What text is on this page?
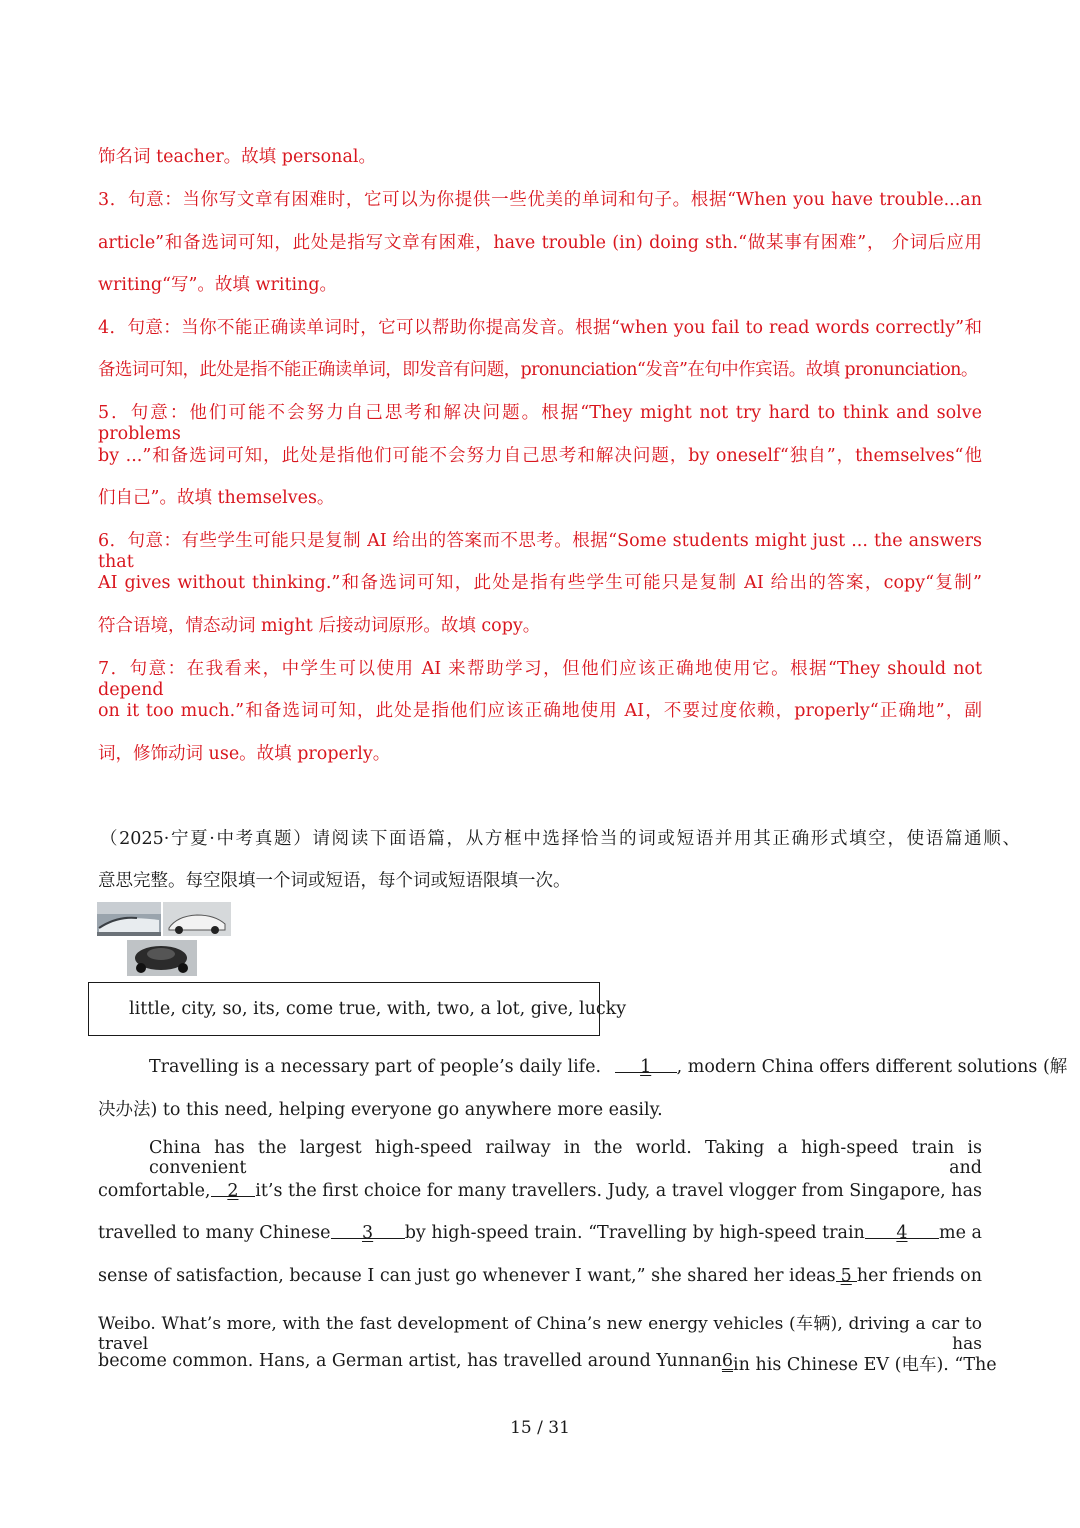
饰名词 teacher。故填 personal。
3．句意：当你写文章有困难时，它可以为你提供一些优美的单词和句子。根据“When you have trouble...an
article”和备选词可知，此处是指写文章有困难，have trouble (in) doing sth.“做某事有困难”， 介词后应用
writing“写”。故填 writing。
4．句意：当你不能正确读单词时，它可以帮助你提高发音。根据“when you fail to read words correctly”和
备选词可知，此处是指不能正确读单词，即发音有问题，pronunciation“发音”在句中作宾语。故填 pronunciation。
5．句意：他们可能不会努力自己思考和解决问题。根据“They might not try hard to think and solve problems
by ...”和备选词可知，此处是指他们可能不会努力自己思考和解决问题，by oneself“独自”，themselves“他
们自己”。故填 themselves。
6．句意：有些学生可能只是复制 AI 给出的答案而不思考。根据“Some students might just ... the answers that
AI gives without thinking.”和备选词可知，此处是指有些学生可能只是复制 AI 给出的答案，copy“复制”
符合语境，情态动词 might 后接动词原形。故填 copy。
7．句意：在我看来，中学生可以使用 AI 来帮助学习，但他们应该正确地使用它。根据“They should not depend
on it too much.”和备选词可知，此处是指他们应该正确地使用 AI，不要过度依赖，properly“正确地”，副
词，修饰动词 use。故填 properly。
（2025·宁夏·中考真题）请阅读下面语篇，从方框中选择恰当的词或短语并用其正确形式填空，使语篇通顺、
意思完整。每空限填一个词或短语，每个词或短语限填一次。
little, city, so, its, come true, with, two, a lot, give, lucky
Travelling is a necessary part of people’s daily life. 1 , modern China offers different solutions (解
决办法) to this need, helping everyone go anywhere more easily.
China has the largest high-speed railway in the world. Taking a high-speed train is convenient and
comfortable, 2 it’s the first choice for many travellers. Judy, a travel vlogger from Singapore, has
travelled to many Chinese	3	by high-speed train. “Travelling by high-speed train	4	me a
sense of satisfaction, because I can just go whenever I want,” she shared her ideas 5 her friends on
Weibo. What’s more, with the fast development of China’s new energy vehicles (车辆), driving a car to travel has
become common. Hans, a German artist, has travelled around Yunnan 6 in his Chinese EV (电车). “The
15 / 31
